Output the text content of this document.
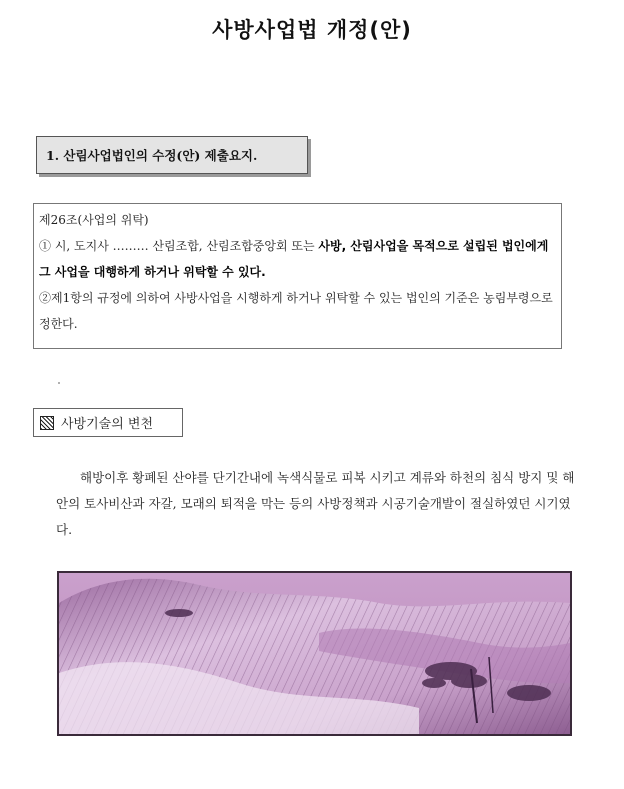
사방사업법 개정(안)
1. 산림사업법인의 수정(안) 제출요지.
제26조(사업의 위탁)
① 시, 도지사 ……… 산림조합, 산림조합중앙회 또는 사방, 산림사업을 목적으로 설립된 법인에게 그 사업을 대행하게 하거나 위탁할 수 있다.
②제1항의 규정에 의하여 사방사업을 시행하게 하거나 위탁할 수 있는 법인의 기준은 농림부령으로 정한다.
사방기술의 변천
해방이후 황폐된 산야를 단기간내에 녹색식물로 피복 시키고 계류와 하천의 침식 방지 및 해안의 토사비산과 자갈, 모래의 퇴적을 막는 등의 사방정책과 시공기술개발이 절실하였던 시기였다.
